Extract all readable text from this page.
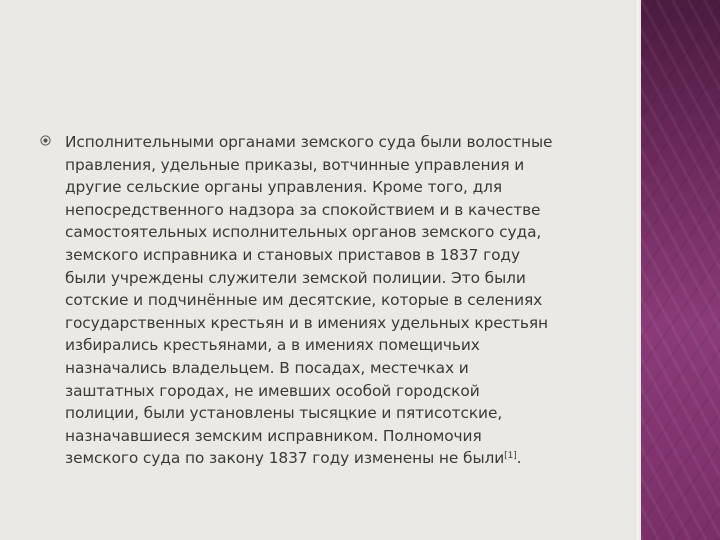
Исполнительными органами земского суда были волостные
правления, удельные приказы, вотчинные управления и
другие сельские органы управления. Кроме того, для
непосредственного надзора за спокойствием и в качестве
самостоятельных исполнительных органов земского суда,
земского исправника и становых приставов в 1837 году
были учреждены служители земской полиции. Это были
сотские и подчинённые им десятские, которые в селениях
государственных крестьян и в имениях удельных крестьян
избирались крестьянами, а в имениях помещичьих
назначались владельцем. В посадах, местечках и
заштатных городах, не имевших особой городской
полиции, были установлены тысяцкие и пятисотские,
назначавшиеся земским исправником. Полномочия
земского суда по закону 1837 году изменены не были[1].
